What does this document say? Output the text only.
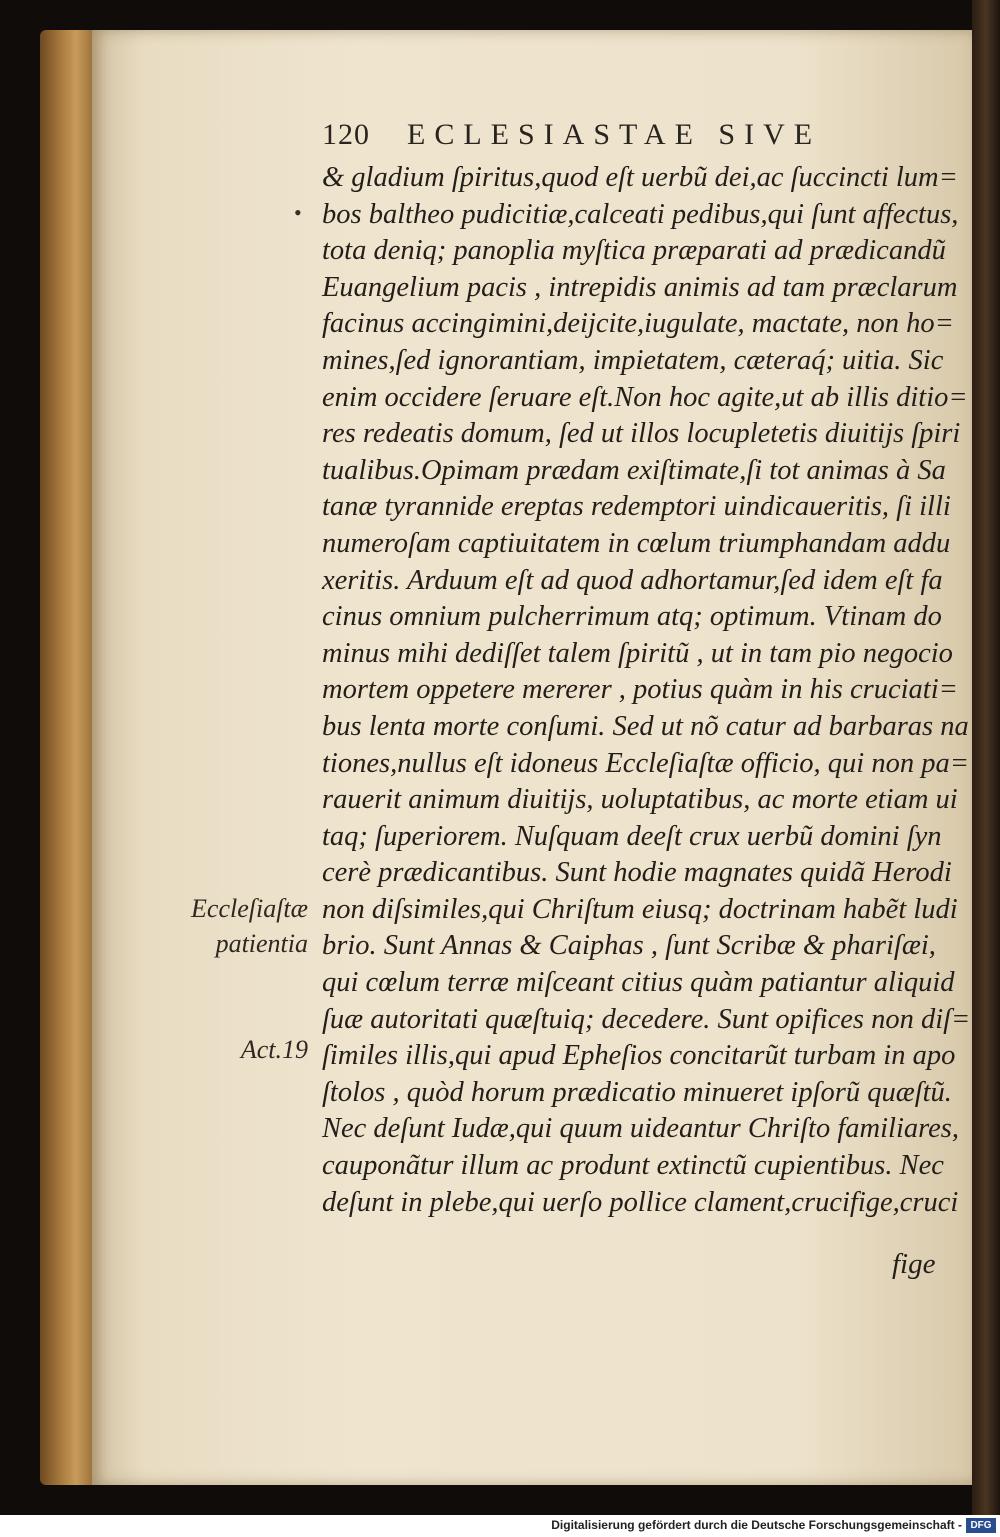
120 ECLESIASTAE SIVE
•
& gladium ſpiritus,quod eſt uerbũ dei,ac ſuccincti lum=
bos baltheo pudicitiæ,calceati pedibus,qui ſunt affectus,
tota deniq; panoplia myſtica præparati ad prædicandũ
Euangelium pacis , intrepidis animis ad tam præclarum
facinus accingimini,deijcite,iugulate, mactate, non ho=
mines,ſed ignorantiam, impietatem, cæteraq́; uitia. Sic
enim occidere ſeruare eſt.Non hoc agite,ut ab illis ditio=
res redeatis domum, ſed ut illos locupletetis diuitijs ſpiri
tualibus.Opimam prædam exiſtimate,ſi tot animas à Sa
tanæ tyrannide ereptas redemptori uindicaueritis, ſi illi
numeroſam captiuitatem in cœlum triumphandam addu
xeritis. Arduum eſt ad quod adhortamur,ſed idem eſt fa
cinus omnium pulcherrimum atq; optimum. Vtinam do
minus mihi dediſſet talem ſpiritũ , ut in tam pio negocio
mortem oppetere mererer , potius quàm in his cruciati=
bus lenta morte conſumi. Sed ut nõ catur ad barbaras na
tiones,nullus eſt idoneus Eccleſiaſtæ officio, qui non pa=
rauerit animum diuitijs, uoluptatibus, ac morte etiam ui
taq; ſuperiorem. Nuſquam deeſt crux uerbũ domini ſyn
cerè prædicantibus. Sunt hodie magnates quidã Herodi
non diſsimiles,qui Chriſtum eiusq; doctrinam habẽt ludi
brio. Sunt Annas & Caiphas , ſunt Scribæ & phariſæi,
qui cœlum terræ miſceant citius quàm patiantur aliquid
ſuæ autoritati quæſtuiq; decedere. Sunt opifices non diſ=
ſimiles illis,qui apud Epheſios concitarũt turbam in apo
ſtolos , quòd horum prædicatio minueret ipſorũ quæſtũ.
Nec deſunt Iudæ,qui quum uideantur Chriſto familiares,
cauponãtur illum ac produnt extinctũ cupientibus. Nec
deſunt in plebe,qui uerſo pollice clament,crucifige,cruci
fige
Eccleſiaſtæ
patientia
Act.19
Digitalisierung gefördert durch die Deutsche Forschungsgemeinschaft - DFG
